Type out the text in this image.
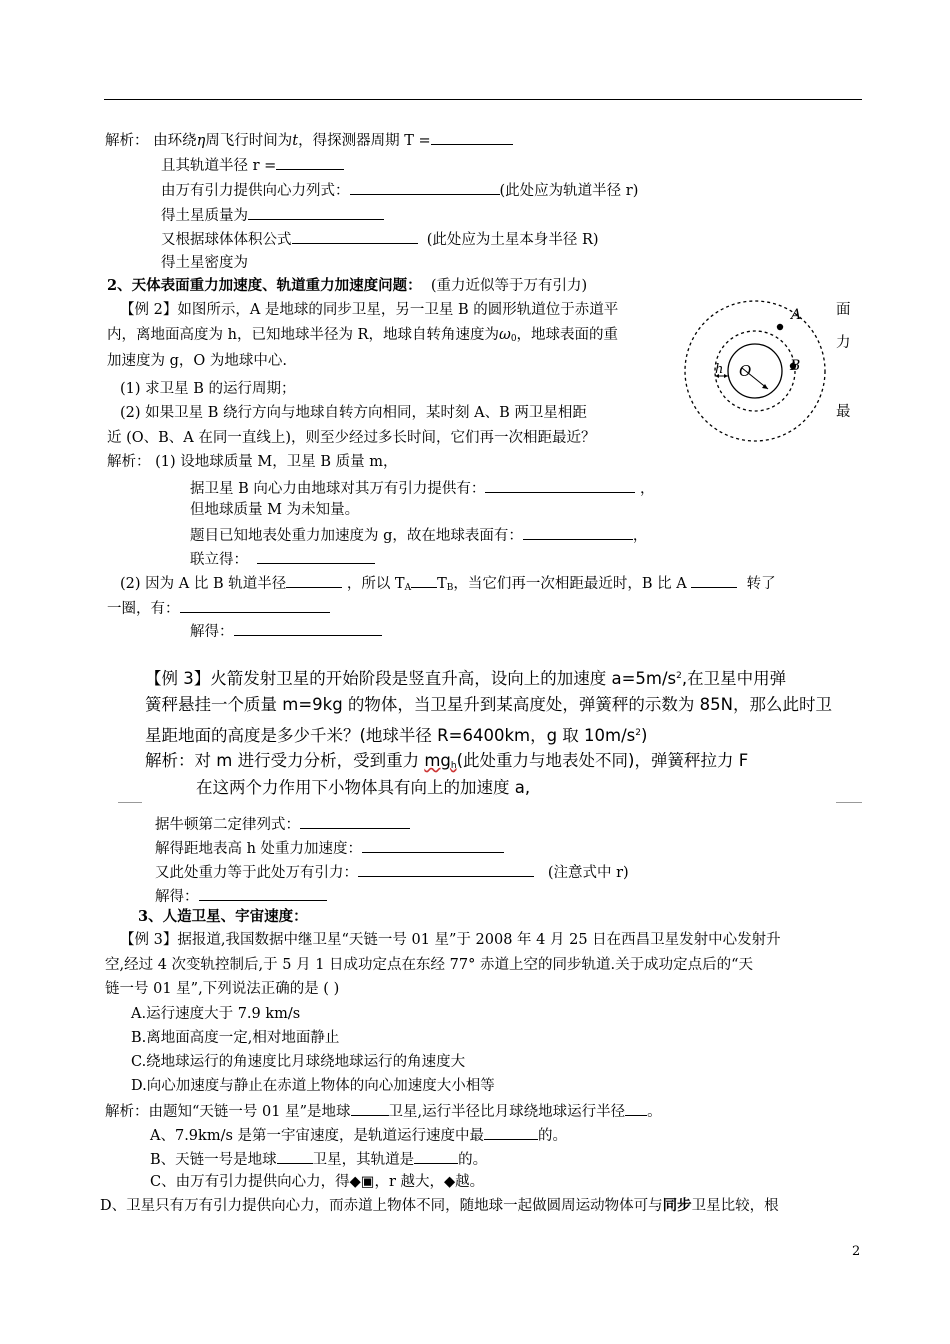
解析： 由环绕η周飞行时间为t，得探测器周期 T =
且其轨道半径 r =
由万有引力提供向心力列式：	(此处应为轨道半径 r)
得土星质量为
又根据球体体积公式	(此处应为土星本身半径 R)
得土星密度为
2、天体表面重力加速度、轨道重力加速度问题： (重力近似等于万有引力)
【例 2】如图所示，A 是地球的同步卫星，另一卫星 B 的圆形轨道位于赤道平
内，离地面高度为 h，已知地球半径为 R，地球自转角速度为$\omega_0$，地球表面的重
加速度为 g，O 为地球中心.
面
力
最
A
B
O
h
(1) 求卫星 B 的运行周期；
(2) 如果卫星 B 绕行方向与地球自转方向相同，某时刻 A、B 两卫星相距
近 (O、B、A 在同一直线上)，则至少经过多长时间，它们再一次相距最近？
解析： (1) 设地球质量 M，卫星 B 质量 m，
据卫星 B 向心力由地球对其万有引力提供有：	，
但地球质量 M 为未知量。
题目已知地表处重力加速度为 g，故在地球表面有：	，
联立得：
(2) 因为 A 比 B 轨道半径	，所以 $T_A$ $T_B$，当它们再一次相距最近时，B 比 A	转了
一圈，有：
解得：
【例 3】火箭发射卫星的开始阶段是竖直升高，设向上的加速度 $a=5m/s^2$,在卫星中用弹
簧秤悬挂一个质量 m=9kg 的物体，当卫星升到某高度处，弹簧秤的示数为 85N，那么此时卫
星距地面的高度是多少千米？(地球半径 R=6400km，g 取 $10m/s^2$)
解析：对 m 进行受力分析，受到重力 $mg_h$(此处重力与地表处不同)，弹簧秤拉力 F
在这两个力作用下小物体具有向上的加速度 a,
据牛顿第二定律列式：
解得距地表高 h 处重力加速度：
又此处重力等于此处万有引力：	(注意式中 r)
解得：
3、人造卫星、宇宙速度：
【例 3】据报道,我国数据中继卫星“天链一号 01 星”于 2008 年 4 月 25 日在西昌卫星发射中心发射升
空,经过 4 次变轨控制后,于 5 月 1 日成功定点在东经 77° 赤道上空的同步轨道.关于成功定点后的“天
链一号 01 星”,下列说法正确的是 ( )
A.运行速度大于 7.9 km/s
B.离地面高度一定,相对地面静止
C.绕地球运行的角速度比月球绕地球运行的角速度大
D.向心加速度与静止在赤道上物体的向心加速度大小相等
解析：由题知“天链一号 01 星”是地球	卫星,运行半径比月球绕地球运行半径 。
A、7.9km/s 是第一宇宙速度，是轨道运行速度中最	的。
B、天链一号是地球 卫星，其轨道是	的。
C、由万有引力提供向心力，得◆▣，r 越大，◆越。
D、卫星只有万有引力提供向心力，而赤道上物体不同，随地球一起做圆周运动物体可与同步卫星比较，根
2
